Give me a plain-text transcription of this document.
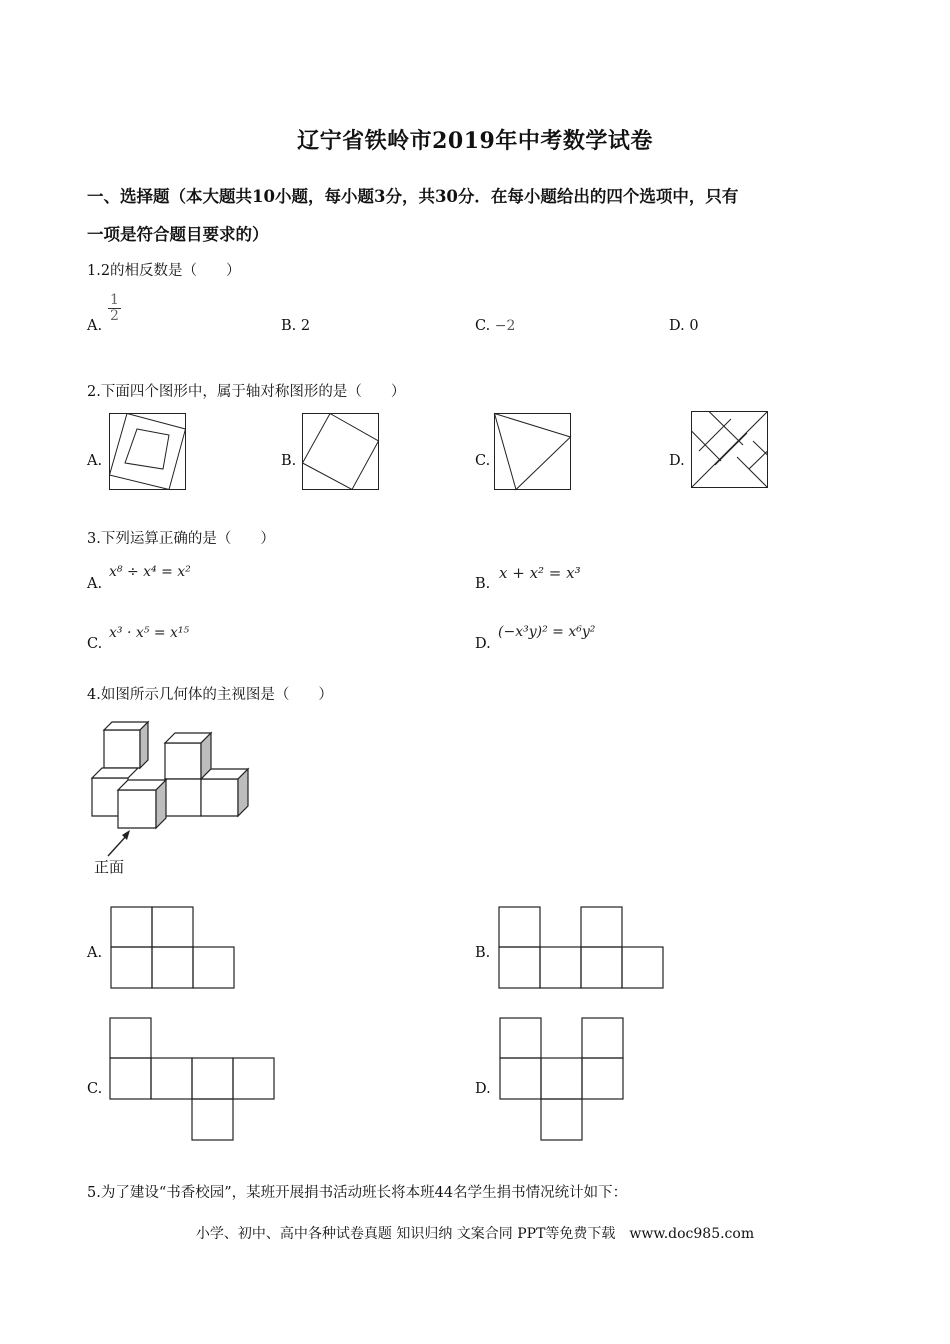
辽宁省铁岭市2019年中考数学试卷
一、选择题（本大题共10小题，每小题3分，共30分．在每小题给出的四个选项中，只有
一项是符合题目要求的）
1.2的相反数是（　　）
A.
$\frac{1}{2}$
B. 2	C. −2	D. 0
2.下面四个图形中，属于轴对称图形的是（　　）
A.	B.	C.	D.
3.下列运算正确的是（　　）
A.
x⁸ ÷ x⁴ = x²
B.
x + x² = x³
C.
x³ · x⁵ = x¹⁵
D.
(−x³y)² = x⁶y²
4.如图所示几何体的主视图是（　　）
正面
A.	B.
C.	D.
5.为了建设“书香校园”，某班开展捐书活动班长将本班44名学生捐书情况统计如下：
小学、初中、高中各种试卷真题 知识归纳 文案合同 PPT等免费下载　www.doc985.com
